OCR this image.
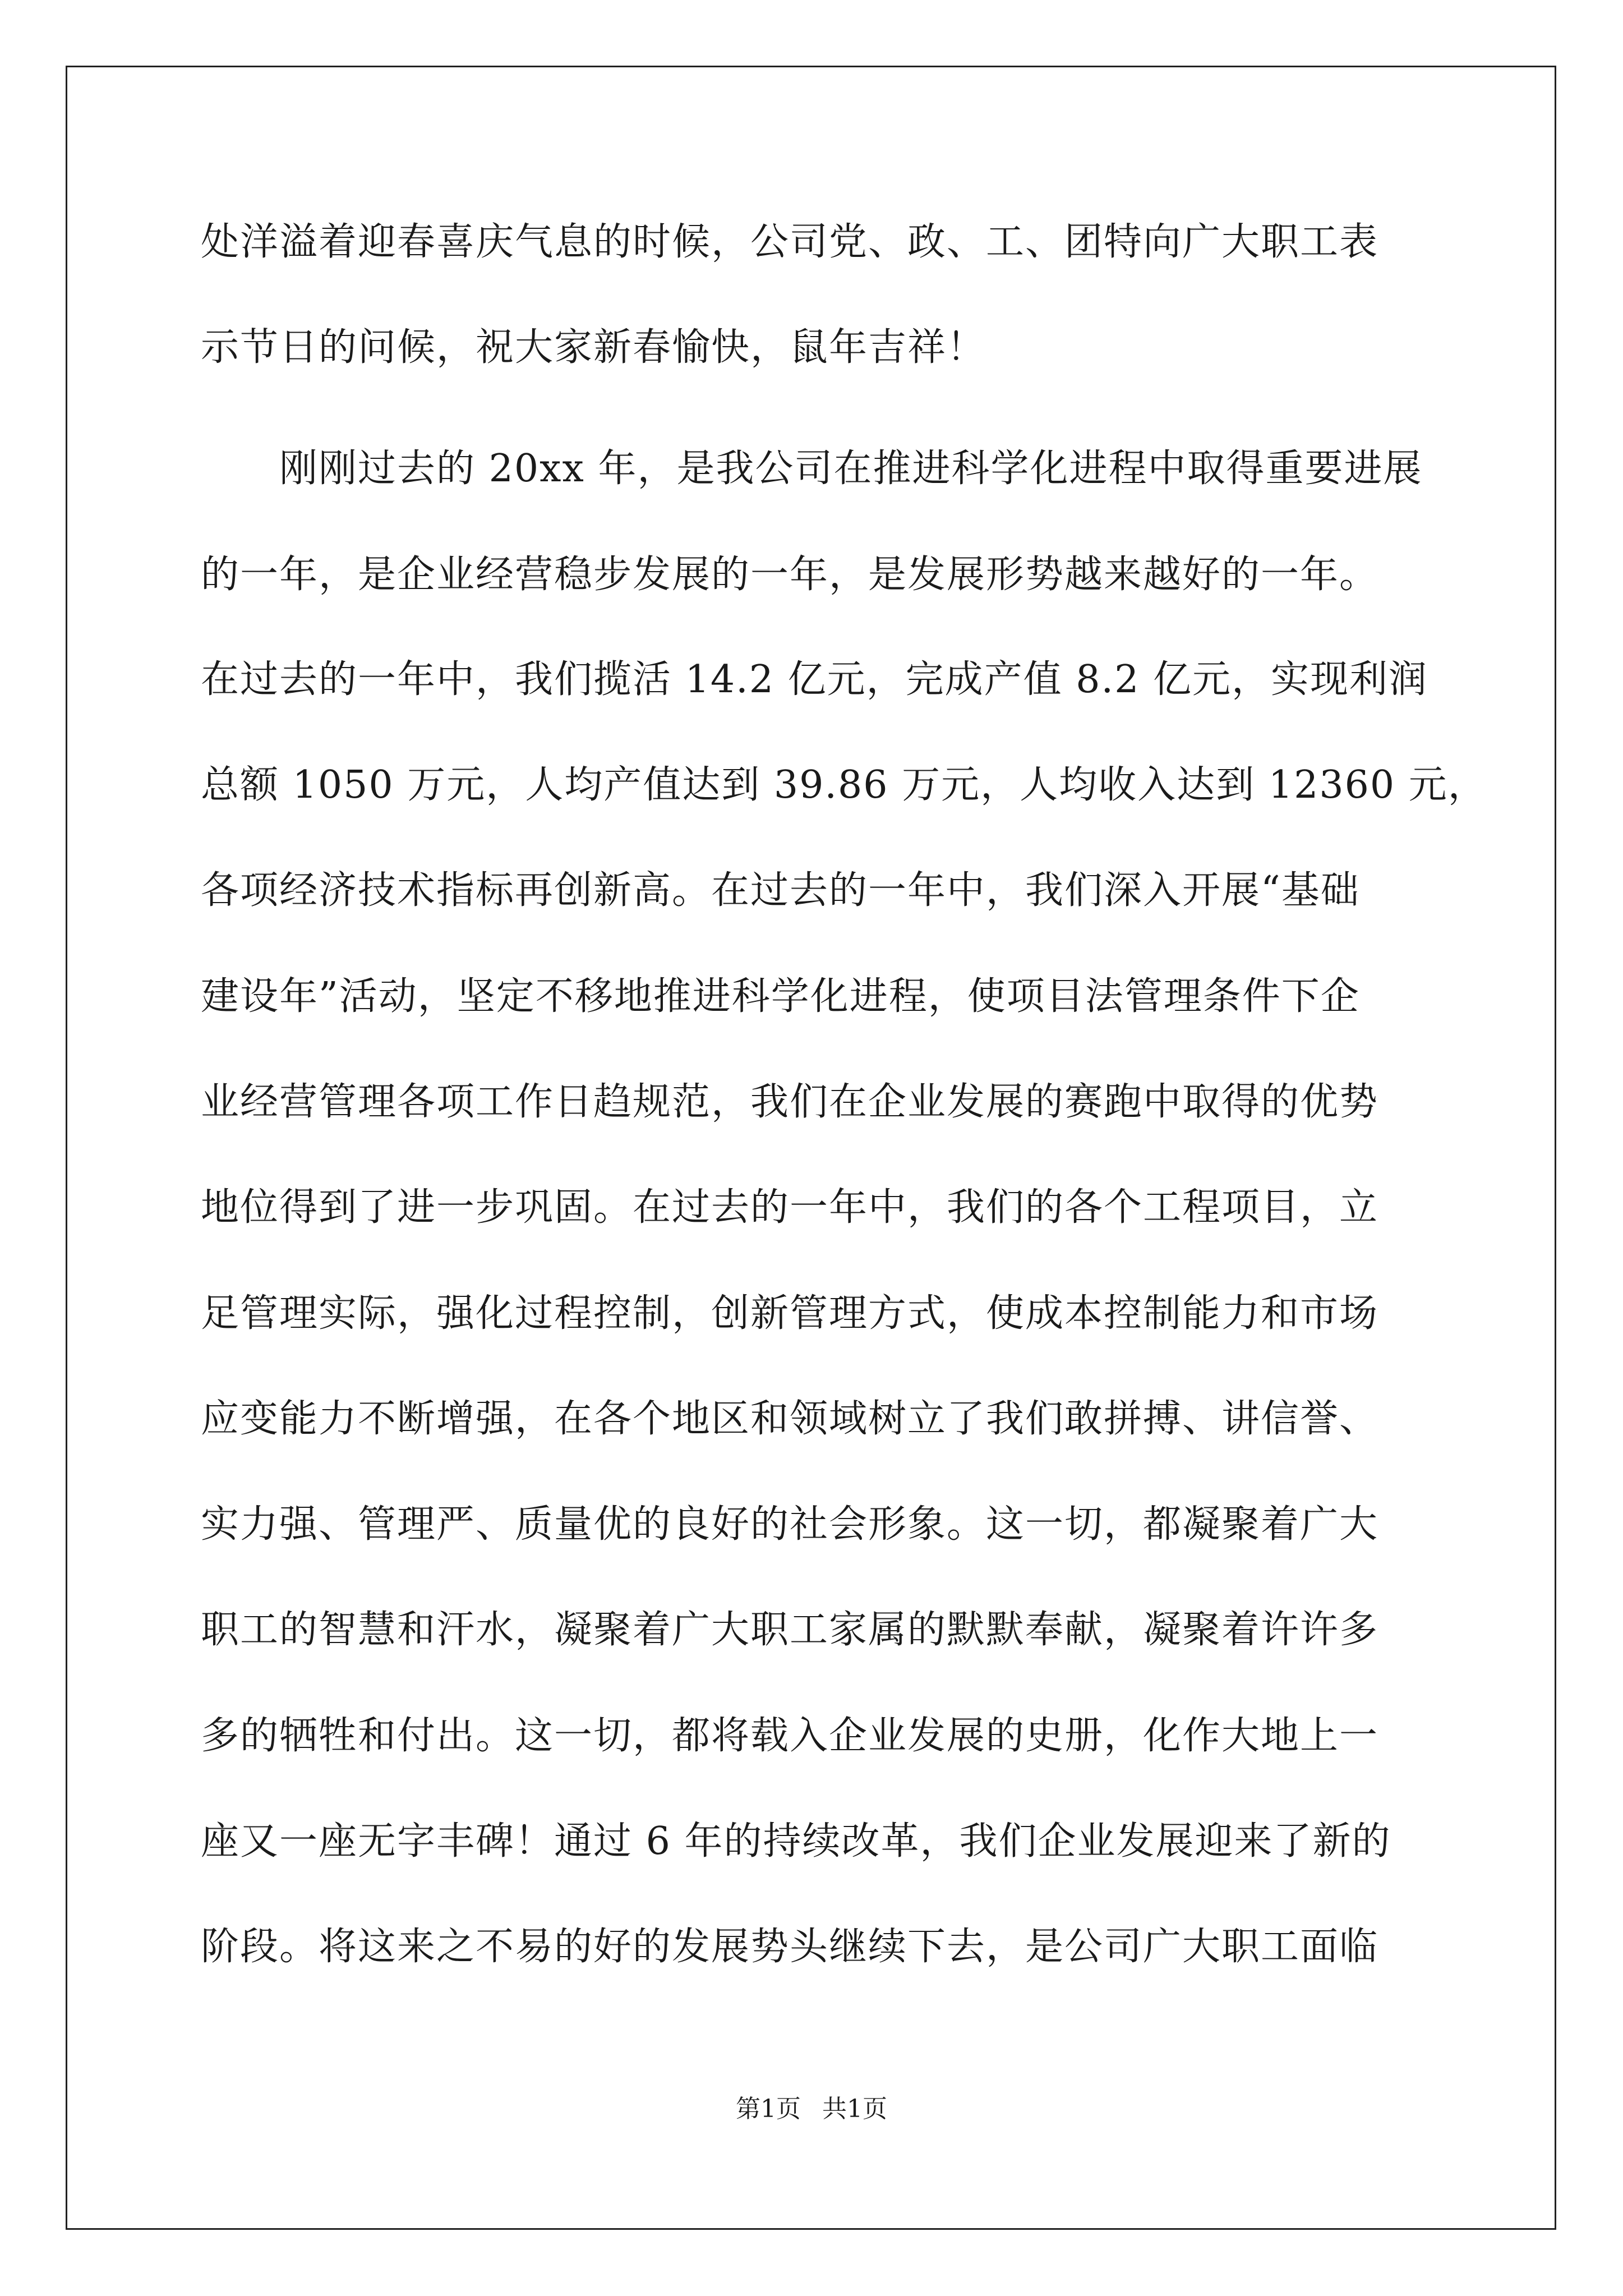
处洋溢着迎春喜庆气息的时候，公司党、政、工、团特向广大职工表
示节日的问候，祝大家新春愉快，鼠年吉祥！
　　刚刚过去的 20xx 年，是我公司在推进科学化进程中取得重要进展
的一年，是企业经营稳步发展的一年，是发展形势越来越好的一年。
在过去的一年中，我们揽活 14.2 亿元，完成产值 8.2 亿元，实现利润
总额 1050 万元，人均产值达到 39.86 万元，人均收入达到 12360 元，
各项经济技术指标再创新高。在过去的一年中，我们深入开展“基础
建设年”活动，坚定不移地推进科学化进程，使项目法管理条件下企
业经营管理各项工作日趋规范，我们在企业发展的赛跑中取得的优势
地位得到了进一步巩固。在过去的一年中，我们的各个工程项目，立
足管理实际，强化过程控制，创新管理方式，使成本控制能力和市场
应变能力不断增强，在各个地区和领域树立了我们敢拼搏、讲信誉、
实力强、管理严、质量优的良好的社会形象。这一切，都凝聚着广大
职工的智慧和汗水，凝聚着广大职工家属的默默奉献，凝聚着许许多
多的牺牲和付出。这一切，都将载入企业发展的史册，化作大地上一
座又一座无字丰碑！通过 6 年的持续改革，我们企业发展迎来了新的
阶段。将这来之不易的好的发展势头继续下去，是公司广大职工面临
第1页 共1页
